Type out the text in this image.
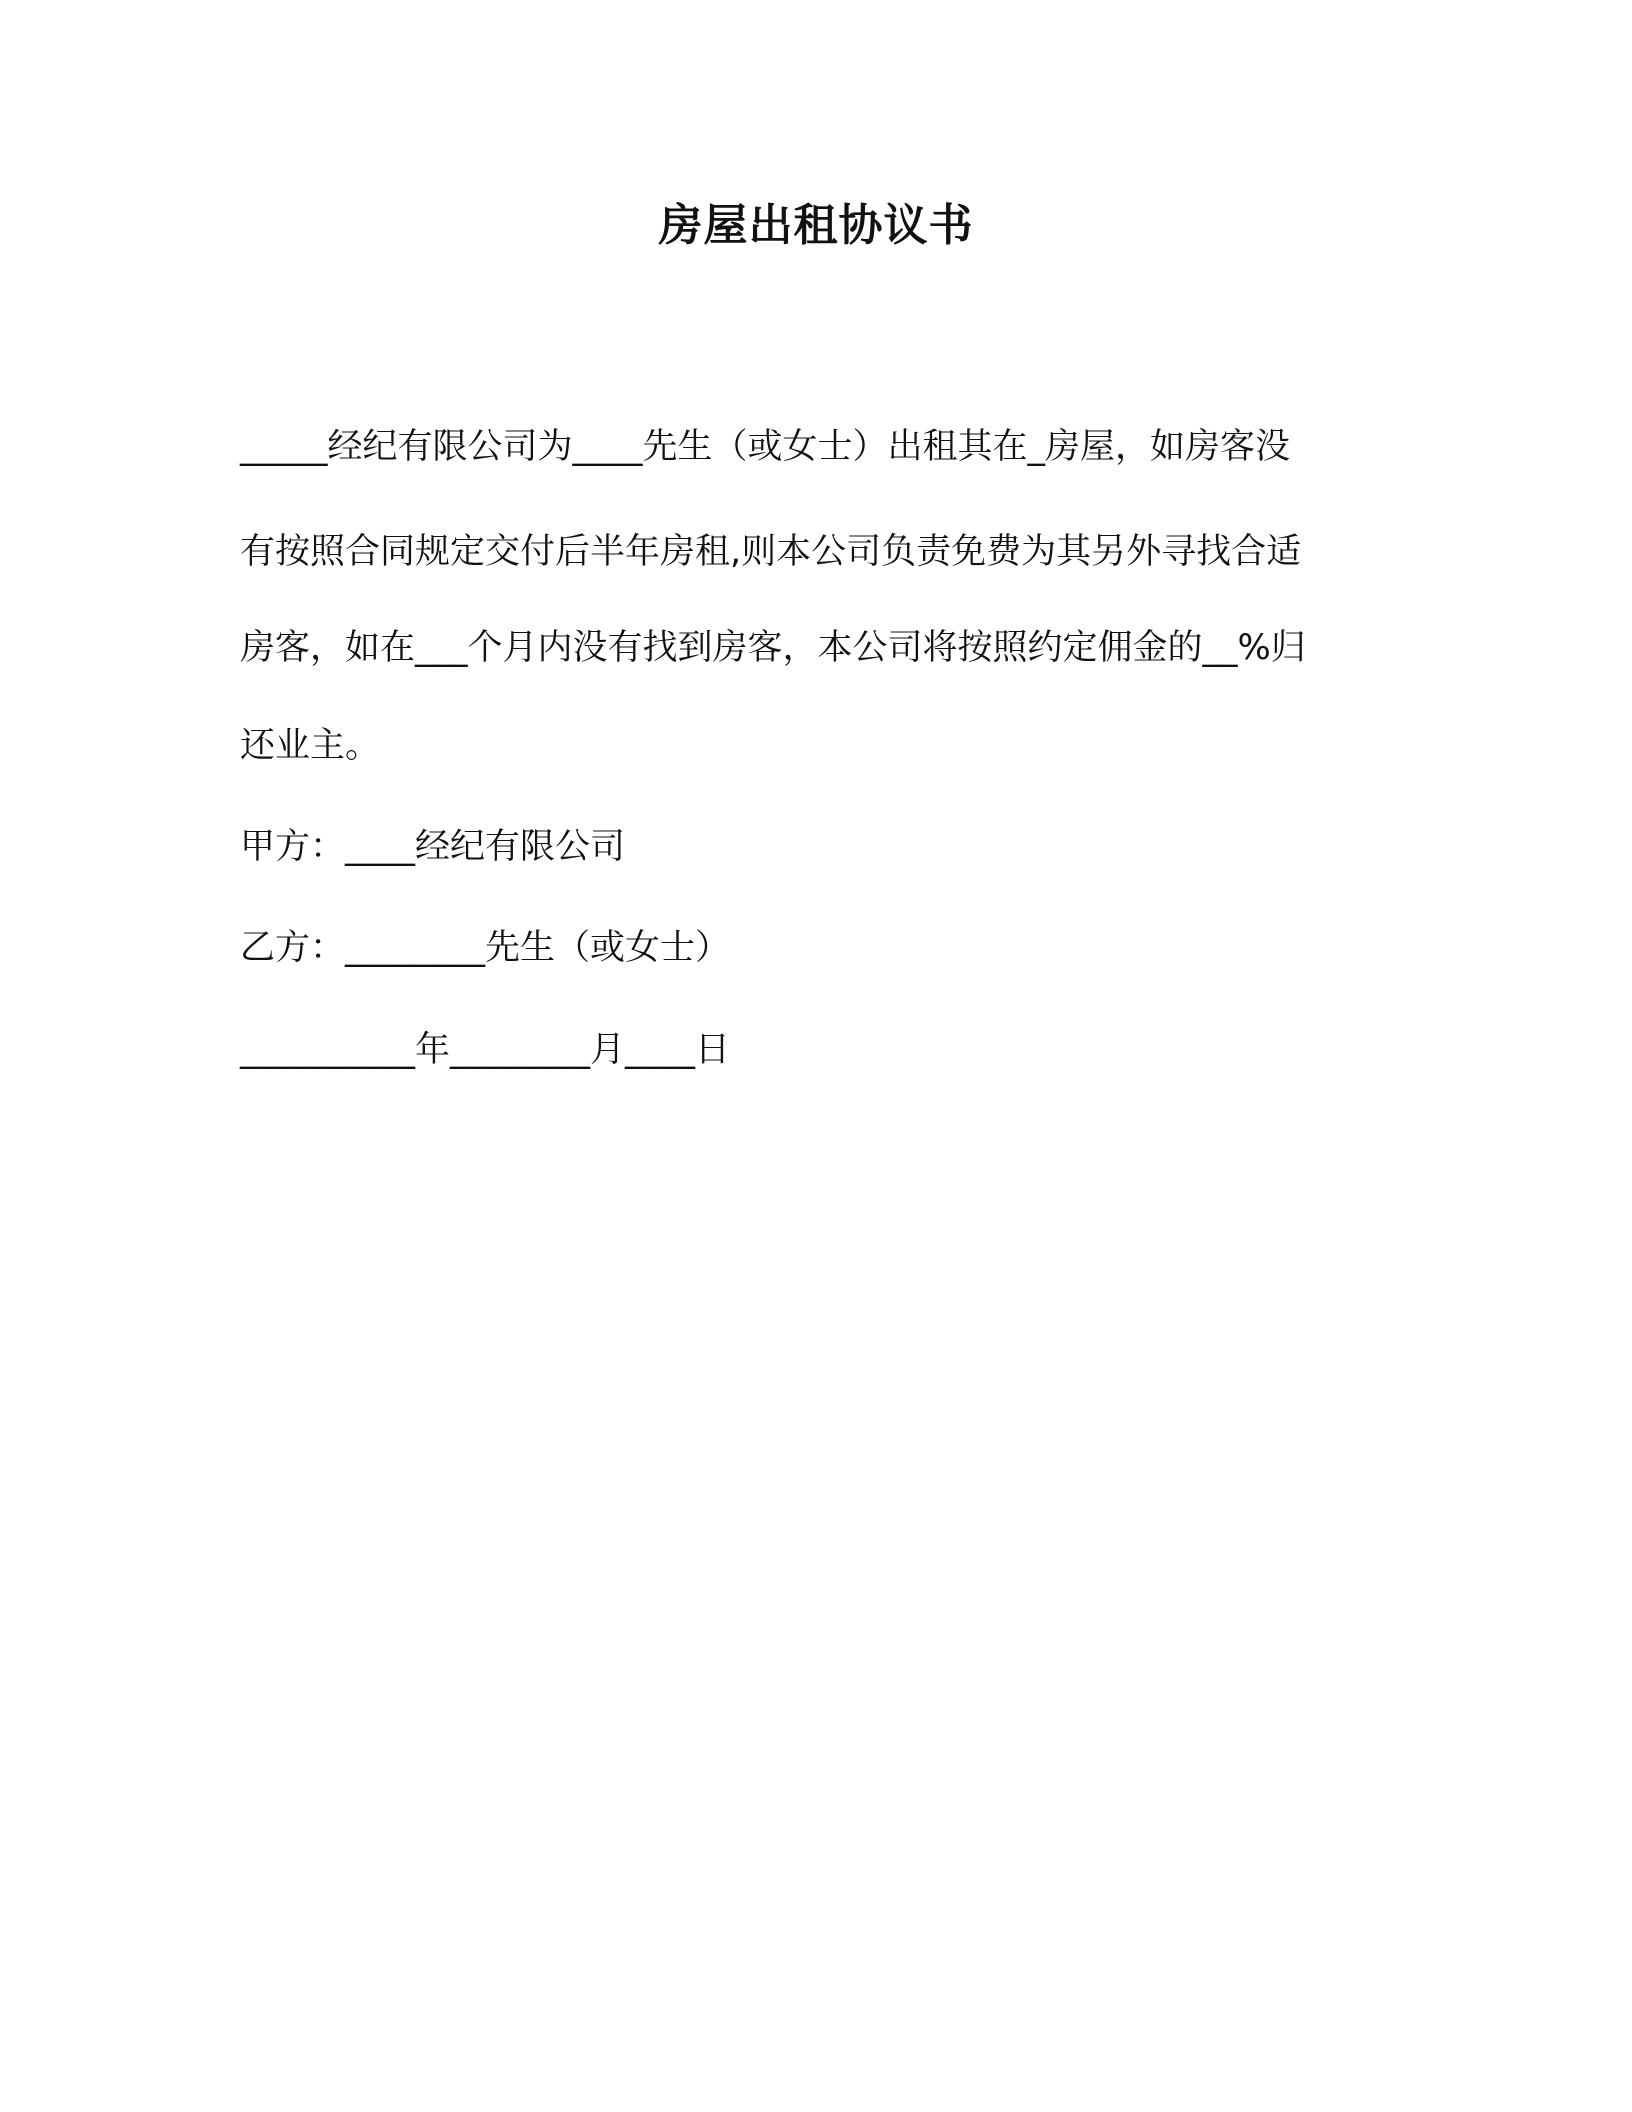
房屋出租协议书

_____经纪有限公司为____先生（或女士）出租其在_房屋，如房客没

有按照合同规定交付后半年房租,则本公司负责免费为其另外寻找合适

房客，如在___个月内没有找到房客，本公司将按照约定佣金的__%归

还业主。

甲方：____经纪有限公司

乙方：________先生（或女士）

__________年________月____日
